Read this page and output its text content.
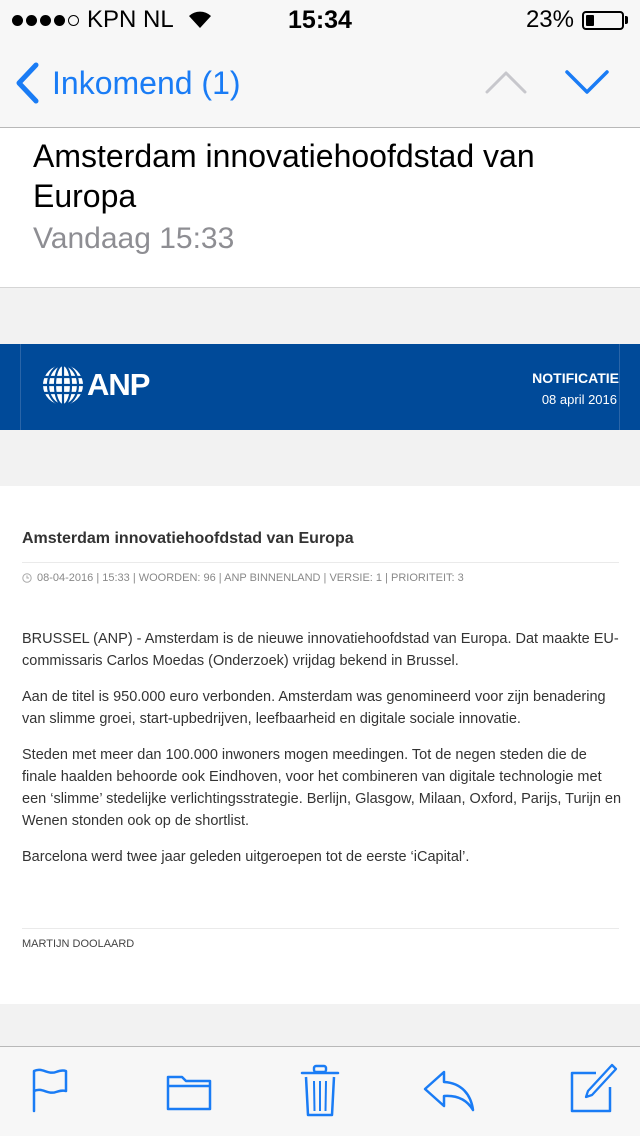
KPN NL	15:34	23%
Inkomend (1)
Amsterdam innovatiehoofdstad van Europa
Vandaag 15:33
ANP	NOTIFICATIE
08 april 2016
Amsterdam innovatiehoofdstad van Europa
08-04-2016 | 15:33 | WOORDEN: 96 | ANP BINNENLAND | VERSIE: 1 | PRIORITEIT: 3

BRUSSEL (ANP) - Amsterdam is de nieuwe innovatiehoofdstad van Europa. Dat maakte EU-commissaris Carlos Moedas (Onderzoek) vrijdag bekend in Brussel.

Aan de titel is 950.000 euro verbonden. Amsterdam was genomineerd voor zijn benadering van slimme groei, start-upbedrijven, leefbaarheid en digitale sociale innovatie.

Steden met meer dan 100.000 inwoners mogen meedingen. Tot de negen steden die de finale haalden behoorde ook Eindhoven, voor het combineren van digitale technologie met een ‘slimme’ stedelijke verlichtingsstrategie. Berlijn, Glasgow, Milaan, Oxford, Parijs, Turijn en Wenen stonden ook op de shortlist.

Barcelona werd twee jaar geleden uitgeroepen tot de eerste ‘iCapital’.

MARTIJN DOOLAARD
